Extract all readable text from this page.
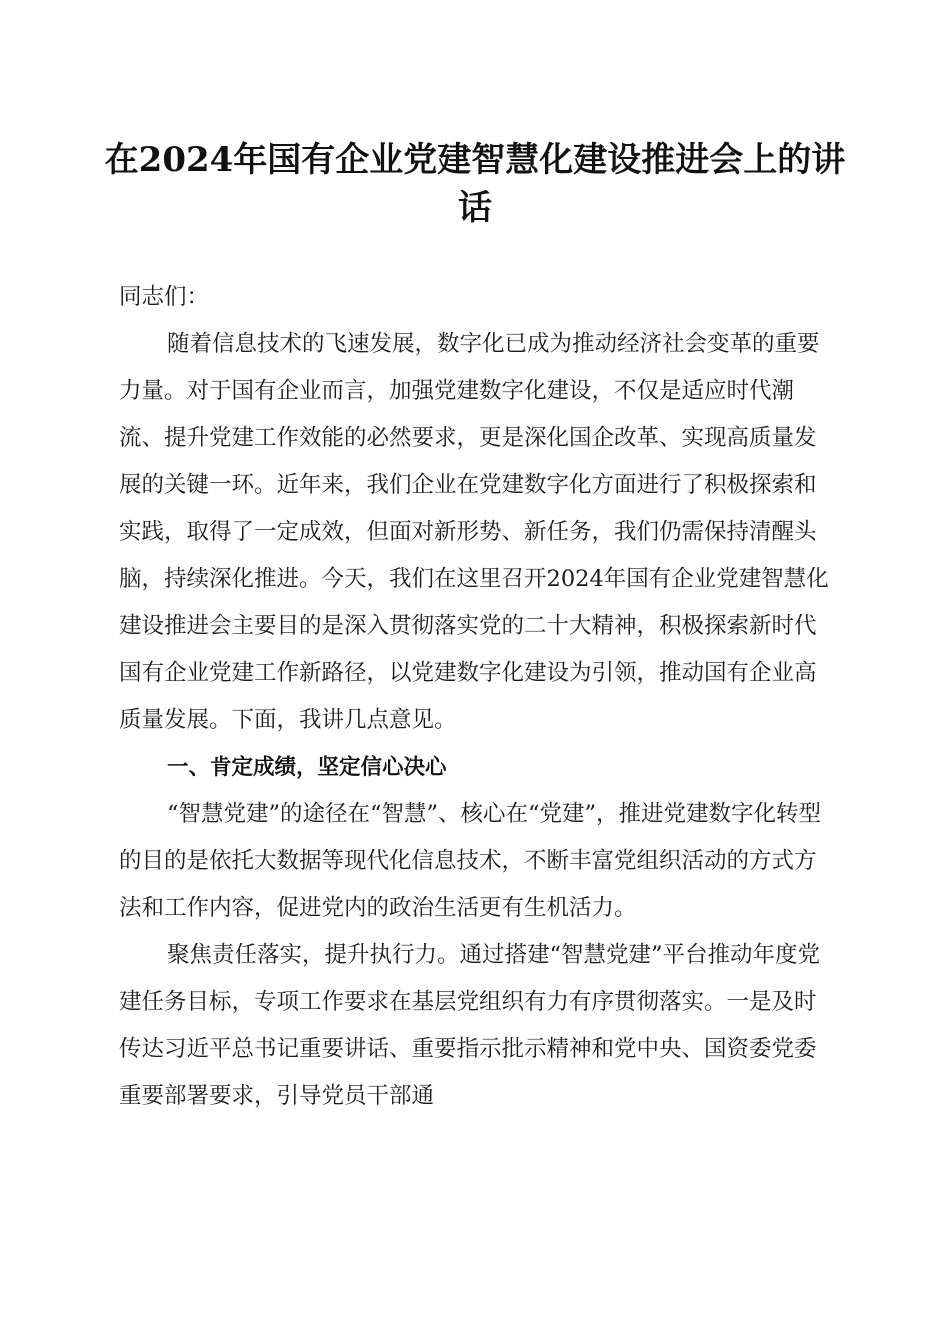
在2024年国有企业党建智慧化建设推进会上的讲话

同志们：

随着信息技术的飞速发展，数字化已成为推动经济社会变革的重要力量。对于国有企业而言，加强党建数字化建设，不仅是适应时代潮流、提升党建工作效能的必然要求，更是深化国企改革、实现高质量发展的关键一环。近年来，我们企业在党建数字化方面进行了积极探索和实践，取得了一定成效，但面对新形势、新任务，我们仍需保持清醒头脑，持续深化推进。今天，我们在这里召开2024年国有企业党建智慧化建设推进会主要目的是深入贯彻落实党的二十大精神，积极探索新时代国有企业党建工作新路径，以党建数字化建设为引领，推动国有企业高质量发展。下面，我讲几点意见。

一、肯定成绩，坚定信心决心

“智慧党建”的途径在“智慧”、核心在“党建”，推进党建数字化转型的目的是依托大数据等现代化信息技术，不断丰富党组织活动的方式方法和工作内容，促进党内的政治生活更有生机活力。

聚焦责任落实，提升执行力。通过搭建“智慧党建”平台推动年度党建任务目标，专项工作要求在基层党组织有力有序贯彻落实。一是及时传达习近平总书记重要讲话、重要指示批示精神和党中央、国资委党委重要部署要求，引导党员干部通
